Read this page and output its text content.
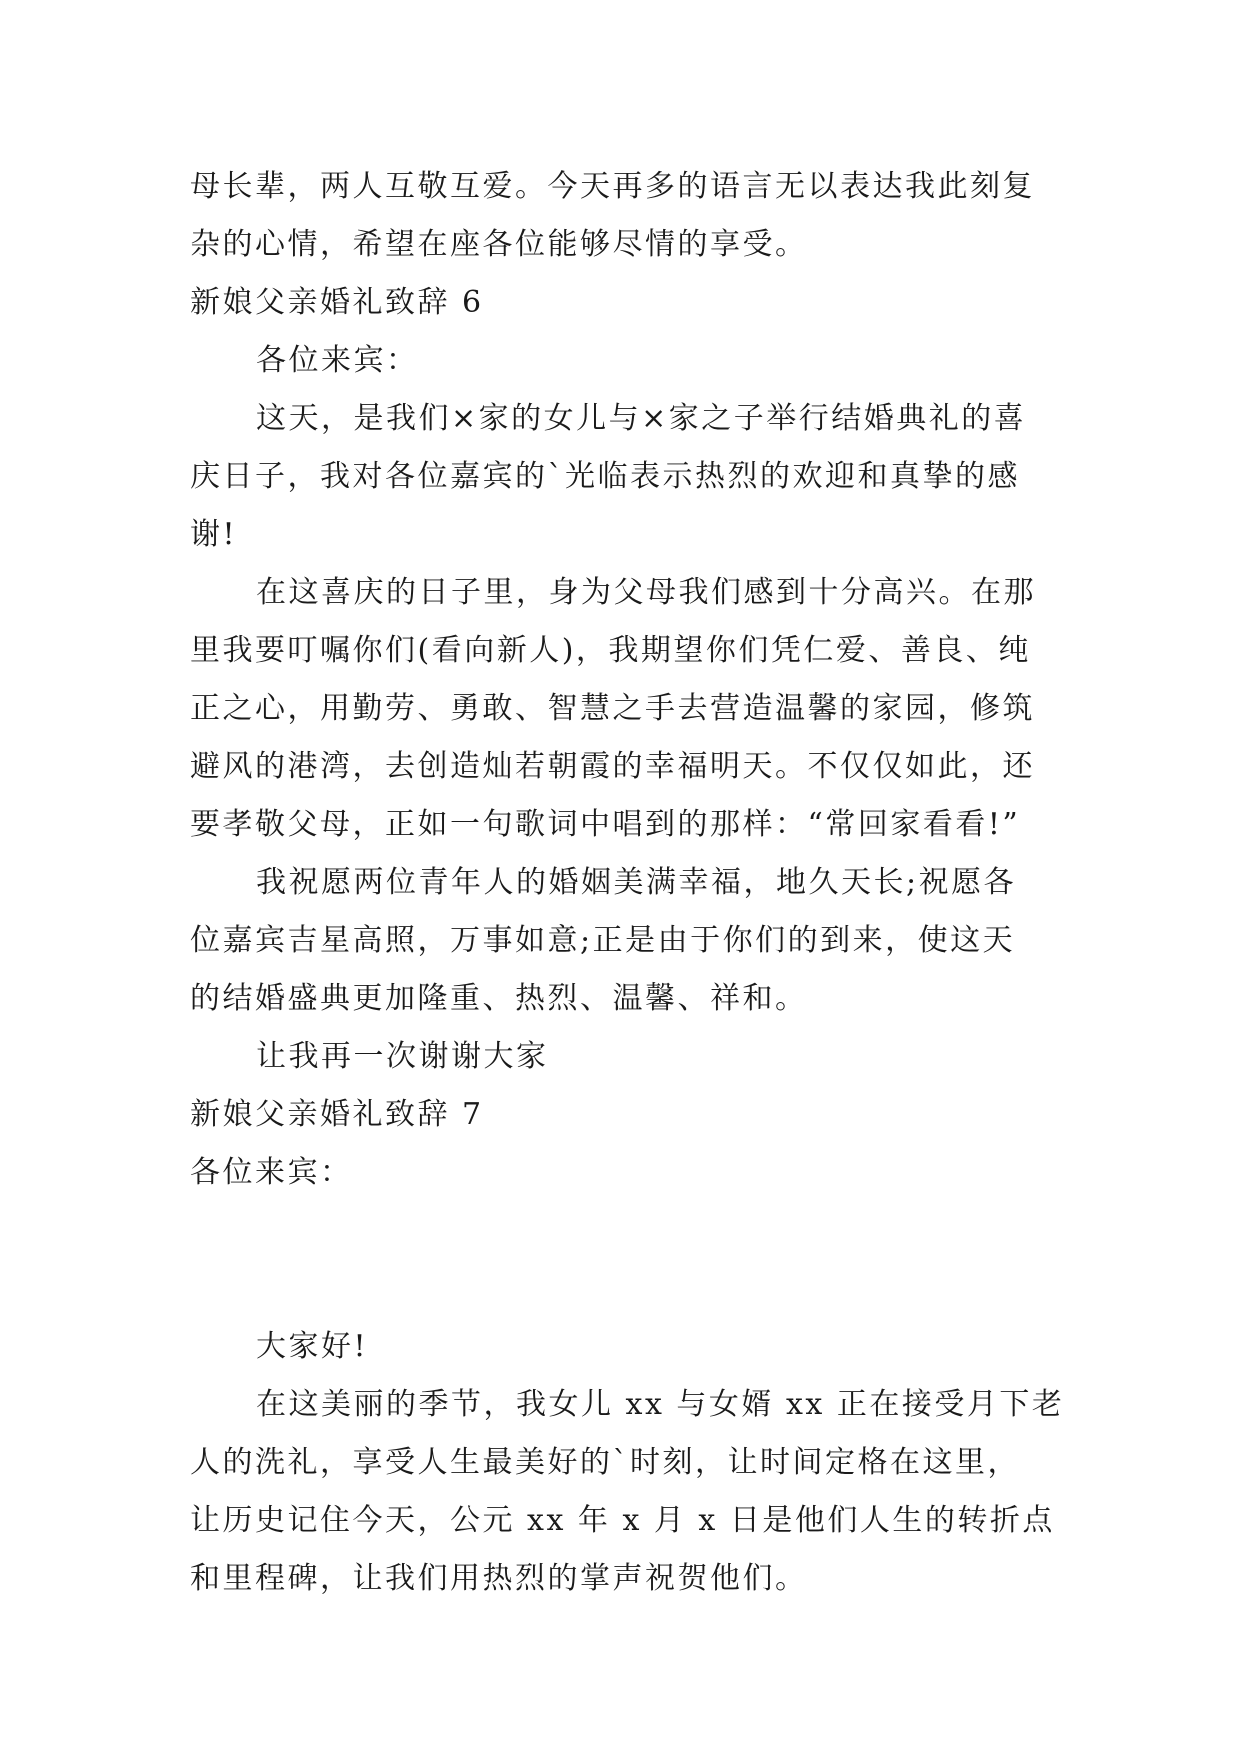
母长辈，两人互敬互爱。今天再多的语言无以表达我此刻复
杂的心情，希望在座各位能够尽情的享受。
新娘父亲婚礼致辞 6
各位来宾：
这天，是我们×家的女儿与×家之子举行结婚典礼的喜
庆日子，我对各位嘉宾的`光临表示热烈的欢迎和真挚的感
谢!
在这喜庆的日子里，身为父母我们感到十分高兴。在那
里我要叮嘱你们(看向新人)，我期望你们凭仁爱、善良、纯
正之心，用勤劳、勇敢、智慧之手去营造温馨的家园，修筑
避风的港湾，去创造灿若朝霞的幸福明天。不仅仅如此，还
要孝敬父母，正如一句歌词中唱到的那样：“常回家看看!”
我祝愿两位青年人的婚姻美满幸福，地久天长;祝愿各
位嘉宾吉星高照，万事如意;正是由于你们的到来，使这天
的结婚盛典更加隆重、热烈、温馨、祥和。
让我再一次谢谢大家
新娘父亲婚礼致辞 7
各位来宾：
大家好!
在这美丽的季节，我女儿 xx 与女婿 xx 正在接受月下老
人的洗礼，享受人生最美好的`时刻，让时间定格在这里，
让历史记住今天，公元 xx 年 x 月 x 日是他们人生的转折点
和里程碑，让我们用热烈的掌声祝贺他们。
